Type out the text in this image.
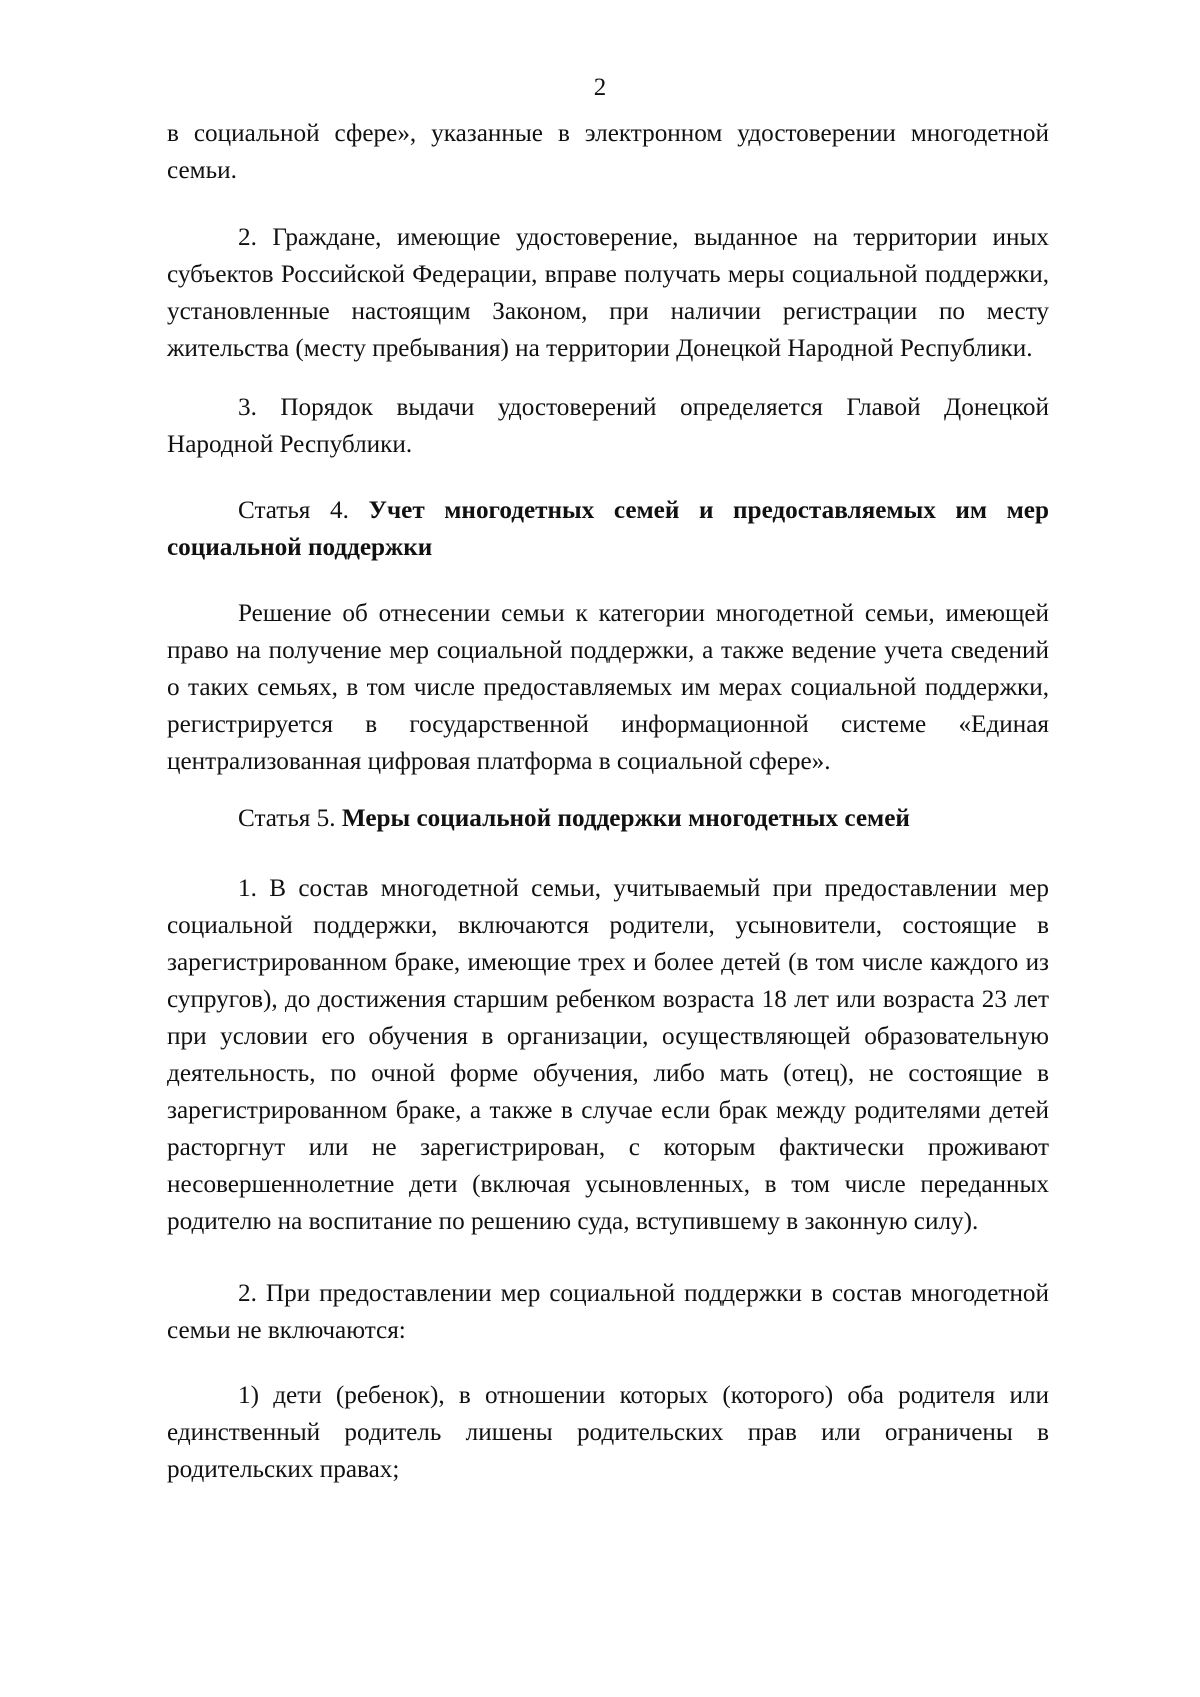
2

в социальной сфере», указанные в электронном удостоверении многодетной семьи.

2. Граждане, имеющие удостоверение, выданное на территории иных субъектов Российской Федерации, вправе получать меры социальной поддержки, установленные настоящим Законом, при наличии регистрации по месту жительства (месту пребывания) на территории Донецкой Народной Республики.

3. Порядок выдачи удостоверений определяется Главой Донецкой Народной Республики.

Статья 4. Учет многодетных семей и предоставляемых им мер социальной поддержки

Решение об отнесении семьи к категории многодетной семьи, имеющей право на получение мер социальной поддержки, а также ведение учета сведений о таких семьях, в том числе предоставляемых им мерах социальной поддержки, регистрируется в государственной информационной системе «Единая централизованная цифровая платформа в социальной сфере».

Статья 5. Меры социальной поддержки многодетных семей

1. В состав многодетной семьи, учитываемый при предоставлении мер социальной поддержки, включаются родители, усыновители, состоящие в зарегистрированном браке, имеющие трех и более детей (в том числе каждого из супругов), до достижения старшим ребенком возраста 18 лет или возраста 23 лет при условии его обучения в организации, осуществляющей образовательную деятельность, по очной форме обучения, либо мать (отец), не состоящие в зарегистрированном браке, а также в случае если брак между родителями детей расторгнут или не зарегистрирован, с которым фактически проживают несовершеннолетние дети (включая усыновленных, в том числе переданных родителю на воспитание по решению суда, вступившему в законную силу).

2. При предоставлении мер социальной поддержки в состав многодетной семьи не включаются:

1) дети (ребенок), в отношении которых (которого) оба родителя или единственный родитель лишены родительских прав или ограничены в родительских правах;
